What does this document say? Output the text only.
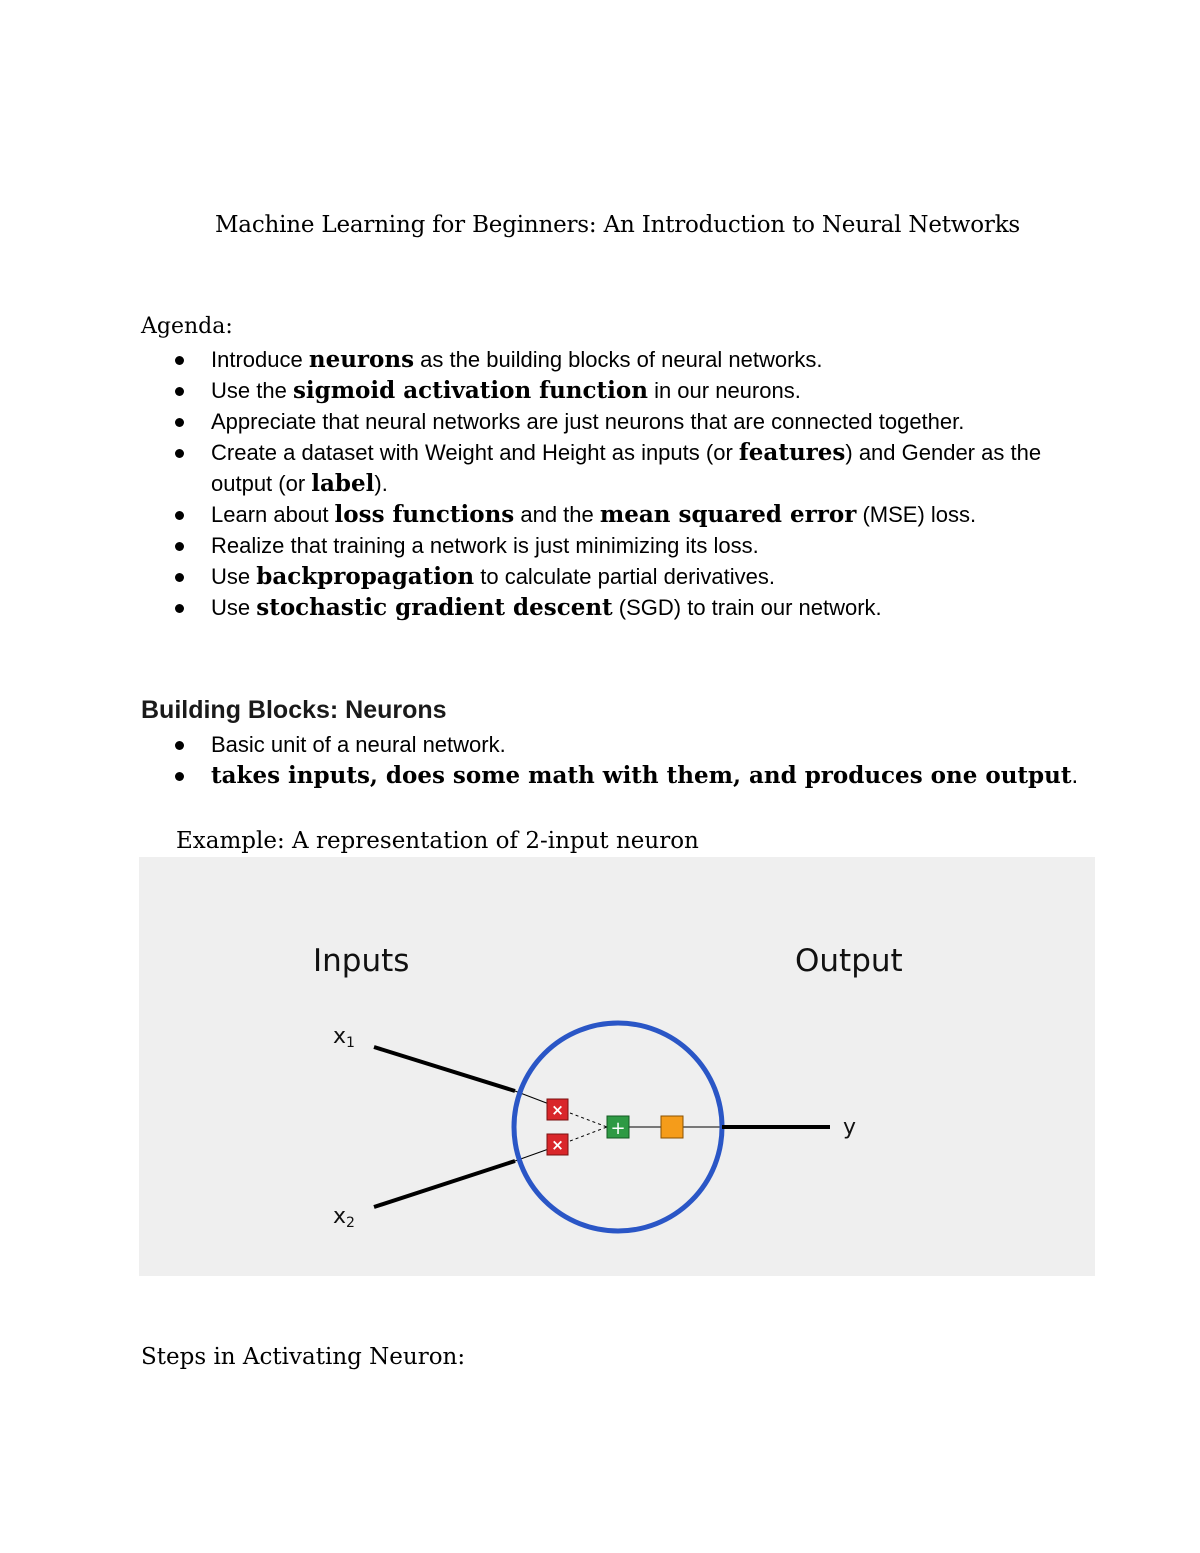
Machine Learning for Beginners: An Introduction to Neural Networks
Agenda:
Introduce neurons as the building blocks of neural networks.
Use the sigmoid activation function in our neurons.
Appreciate that neural networks are just neurons that are connected together.
Create a dataset with Weight and Height as inputs (or features) and Gender as the output (or label).
Learn about loss functions and the mean squared error (MSE) loss.
Realize that training a network is just minimizing its loss.
Use backpropagation to calculate partial derivatives.
Use stochastic gradient descent (SGD) to train our network.
Building Blocks: Neurons
Basic unit of a neural network.
takes inputs, does some math with them, and produces one output.
Example: A representation of 2-input neuron
Inputs	Output
x1
x2
y
×
×
+
Steps in Activating Neuron:
